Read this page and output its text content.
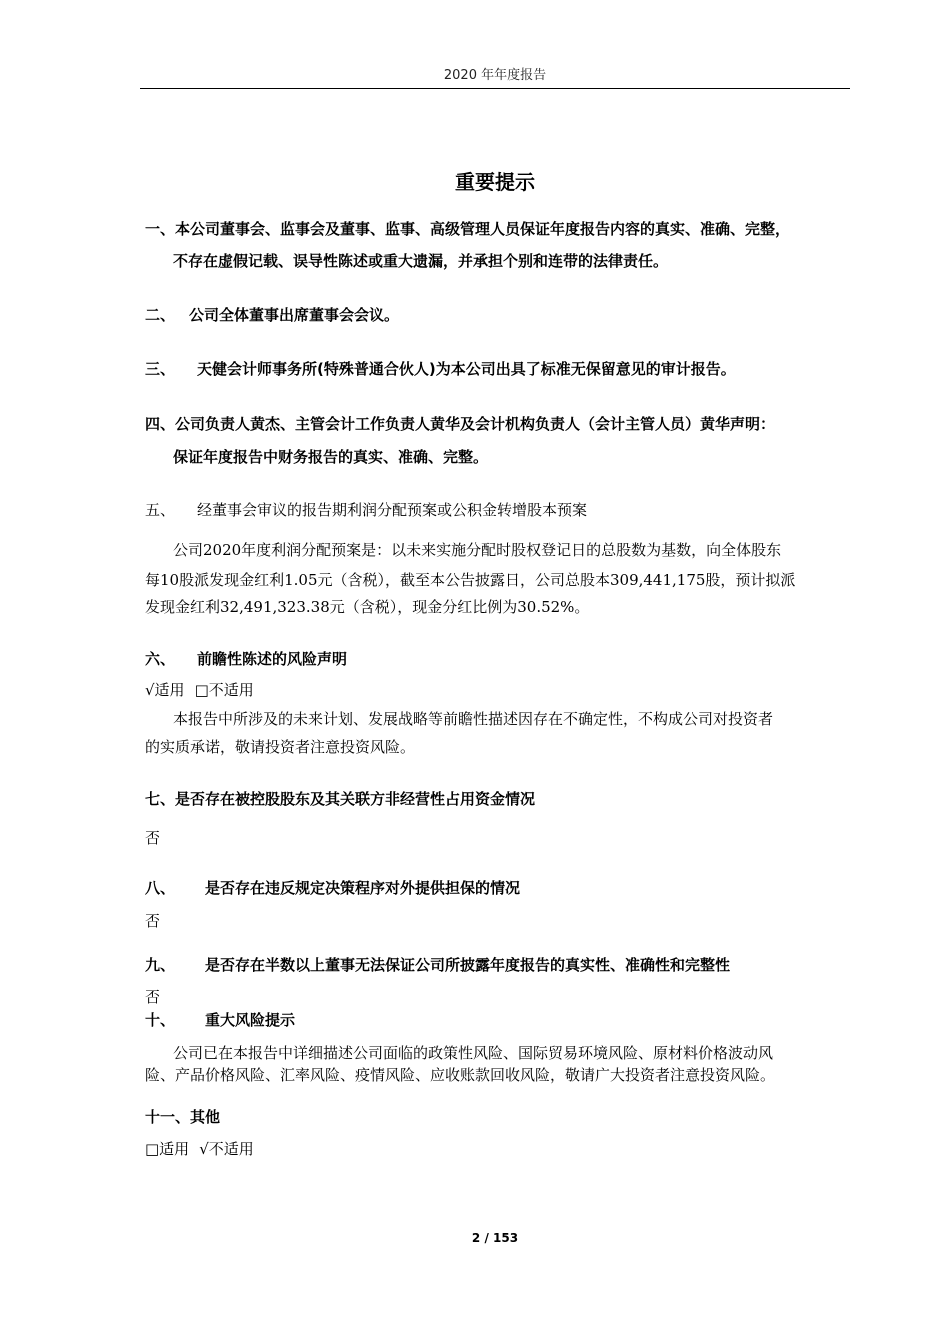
2020 年年度报告
重要提示
一、本公司董事会、监事会及董事、监事、高级管理人员保证年度报告内容的真实、准确、完整，
不存在虚假记载、误导性陈述或重大遗漏，并承担个别和连带的法律责任。
二、 公司全体董事出席董事会会议。
三、 天健会计师事务所(特殊普通合伙人)为本公司出具了标准无保留意见的审计报告。
四、公司负责人黄杰、主管会计工作负责人黄华及会计机构负责人（会计主管人员）黄华声明：
保证年度报告中财务报告的真实、准确、完整。
五、 经董事会审议的报告期利润分配预案或公积金转增股本预案
公司2020年度利润分配预案是：以未来实施分配时股权登记日的总股数为基数，向全体股东
每10股派发现金红利1.05元（含税），截至本公告披露日，公司总股本309,441,175股，预计拟派
发现金红利32,491,323.38元（含税），现金分红比例为30.52%。
六、 前瞻性陈述的风险声明
√适用 □不适用
本报告中所涉及的未来计划、发展战略等前瞻性描述因存在不确定性，不构成公司对投资者
的实质承诺，敬请投资者注意投资风险。
七、是否存在被控股股东及其关联方非经营性占用资金情况
否
八、 是否存在违反规定决策程序对外提供担保的情况
否
九、 是否存在半数以上董事无法保证公司所披露年度报告的真实性、准确性和完整性
否
十、 重大风险提示
公司已在本报告中详细描述公司面临的政策性风险、国际贸易环境风险、原材料价格波动风
险、产品价格风险、汇率风险、疫情风险、应收账款回收风险，敬请广大投资者注意投资风险。
十一、其他
□适用 √不适用
2 / 153
